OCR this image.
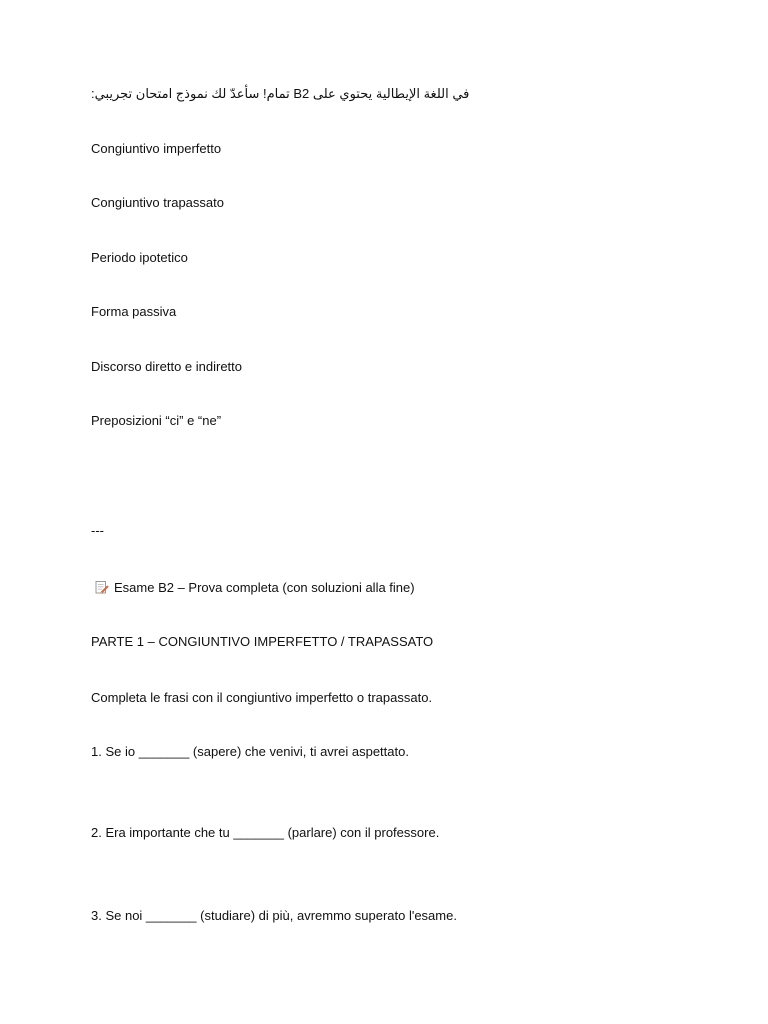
في اللغة الإيطالية يحتوي على B2 تمام! سأعدّ لك نموذج امتحان تجريبي:
Congiuntivo imperfetto
Congiuntivo trapassato
Periodo ipotetico
Forma passiva
Discorso diretto e indiretto
Preposizioni “ci” e “ne”
---
Esame B2 – Prova completa (con soluzioni alla fine)
PARTE 1 – CONGIUNTIVO IMPERFETTO / TRAPASSATO
Completa le frasi con il congiuntivo imperfetto o trapassato.
1. Se io _______ (sapere) che venivi, ti avrei aspettato.
2. Era importante che tu _______ (parlare) con il professore.
3. Se noi _______ (studiare) di più, avremmo superato l'esame.
